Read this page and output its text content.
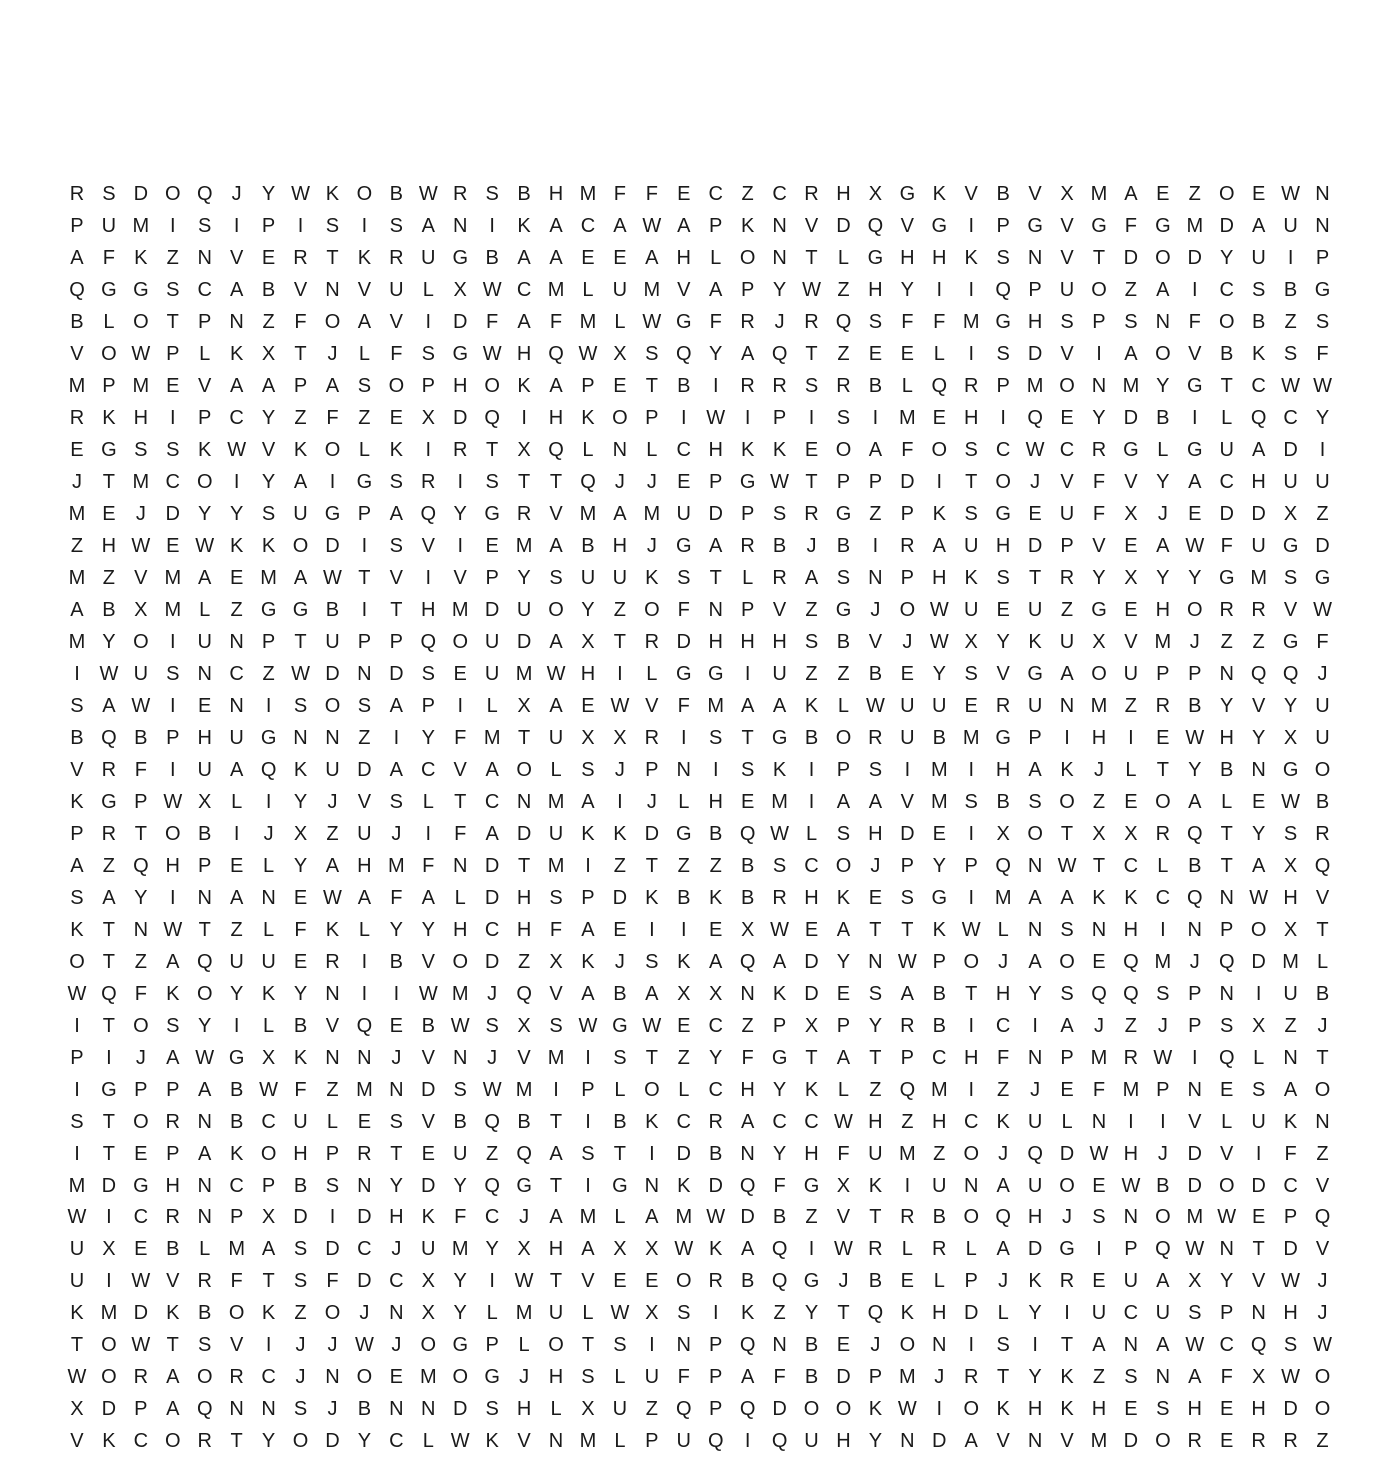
R S D O Q J	Y W K O B W R S B H M F F E C Z C R H X G K V B V X M A E Z O E W N
P U M	I	S	I	P	I	S	I	S A N	I	K A C A W A P K N V D Q V G	I	P G V G F G M D A U N
A F K Z N V E R T K R U G B A A E E A H L O N T	L G H H K S N V T D O D Y U	I	P
Q G G S C A B V N V U L X W C M L U M V A P Y W Z H Y	I	I	Q P U O Z A	I	C S B G
B L O T P N Z F O A V	I	D F A F M L W G F R J R Q S F F M G H S P S N F O B Z S
V O W P L K X T	J	L	F S G W H Q W X S Q Y A Q T Z E E L	I	S D V	I	A O V B K S F
M P M E V A A P A S O P H O K A P E T B	I	R R S R B L Q R P M O N M Y G T C W W
R K H	I	P C Y Z F Z E X D Q	I	H K O P	I W I	P	I	S	I	M E H	I	Q E Y D B	I	L Q C Y
E G S S K W V K O L K	I	R T X Q L N L C H K K E O A F O S C W C R G L G U A D	I
J	T M C O	I	Y A	I	G S R	I	S T T Q J	J	E P G W T P P D	I	T O J	V F V Y A C H U U
M E	J D Y Y S U G P A Q Y G R V M A M U D P S R G Z P K S G E U F X	J	E D D X Z
Z H W E W K K O D	I	S V	I	E M A B H J G A R B	J	B	I	R A U H D P V E A W F U G D
M Z V M A E M A W T V	I	V P Y S U U K S T	L R A S N P H K S T R Y X Y Y G M S G
A B X M L	Z G G B	I	T H M D U O Y Z O F N P V Z G J O W U E U Z G E H O R R V W
M Y O	I	U N P T U P P Q O U D A X T R D H H H S B V	J W X Y K U X V M J	Z Z G F
I W U S N C Z W D N D S E U M W H	I	L G G	I	U Z Z B E Y S V G A O U P P N Q Q J
S A W I	E N	I	S O S A P	I	L X A E W V F M A A K L W U U E R U N M Z R B Y V Y U
B Q B P H U G N N Z	I	Y F M T U X X R	I	S T G B O R U B M G P	I	H	I	E W H Y X U
V R F	I	U A Q K U D A C V A O L S	J	P N	I	S K	I	P S	I	M	I	H A K	J	L	T Y B N G O
K G P W X L	I	Y	J	V S L	T C N M A	I	J	L H E M	I	A A V M S B S O Z E O A L E W B
P R T O B	I	J	X Z U J	I	F A D U K K D G B Q W L S H D E	I	X O T X X R Q T Y S R
A Z Q H P E L Y A H M F N D T M	I	Z T Z Z B S C O J	P Y P Q N W T C L B T A X Q
S A Y	I	N A N E W A F A L D H S P D K B K B R H K E S G	I	M A A K K C Q N W H V
K T N W T Z	L	F K L Y Y H C H F A E	I	I	E X W E A T T K W L N S N H	I	N P O X T
O T Z A Q U U E R	I	B V O D Z X K	J	S K A Q A D Y N W P O J	A O E Q M J Q D M L
W Q F K O Y K Y N	I	I W M J Q V A B A X X N K D E S A B T H Y S Q Q S P N	I	U B
I	T O S Y	I	L B V Q E B W S X S W G W E C Z P X P Y R B	I	C	I	A	J	Z	J	P S X Z	J
P	I	J	A W G X K N N J	V N J	V M	I	S T Z Y F G T A T P C H F N P M R W I	Q L N T
I	G P P A B W F Z M N D S W M	I	P L O L C H Y K L	Z Q M	I	Z	J	E F M P N E S A O
S T O R N B C U L E S V B Q B T	I	B K C R A C C W H Z H C K U L N	I	I	V L U K N
I	T E P A K O H P R T E U Z Q A S T	I	D B N Y H F U M Z O J Q D W H J D V	I	F Z
M D G H N C P B S N Y D Y Q G T	I	G N K D Q F G X K	I	U N A U O E W B D O D C V
W I	C R N P X D	I	D H K F C J	A M L A M W D B Z V T R B O Q H J	S N O M W E P Q
U X E B L M A S D C J U M Y X H A X X W K A Q	I W R L R L A D G	I	P Q W N T D V
U	I W V R F T S F D C X Y	I W T V E E O R B Q G J	B E L P	J	K R E U A X Y V W J
K M D K B O K Z O J N X Y L M U L W X S	I	K Z Y T Q K H D L Y	I	U C U S P N H J
T O W T S V	I	J	J W J O G P L O T S	I	N P Q N B E	J O N	I	S	I	T A N A W C Q S W
W O R A O R C J N O E M O G J H S L U F P A F B D P M J R T Y K Z S N A F X W O
X D P A Q N N S	J	B N N D S H L X U Z Q P Q D O O K W I	O K H K H E S H E H D O
V K C O R T Y O D Y C L W K V N M L P U Q	I	Q U H Y N D A V N V M D O R E R R Z
